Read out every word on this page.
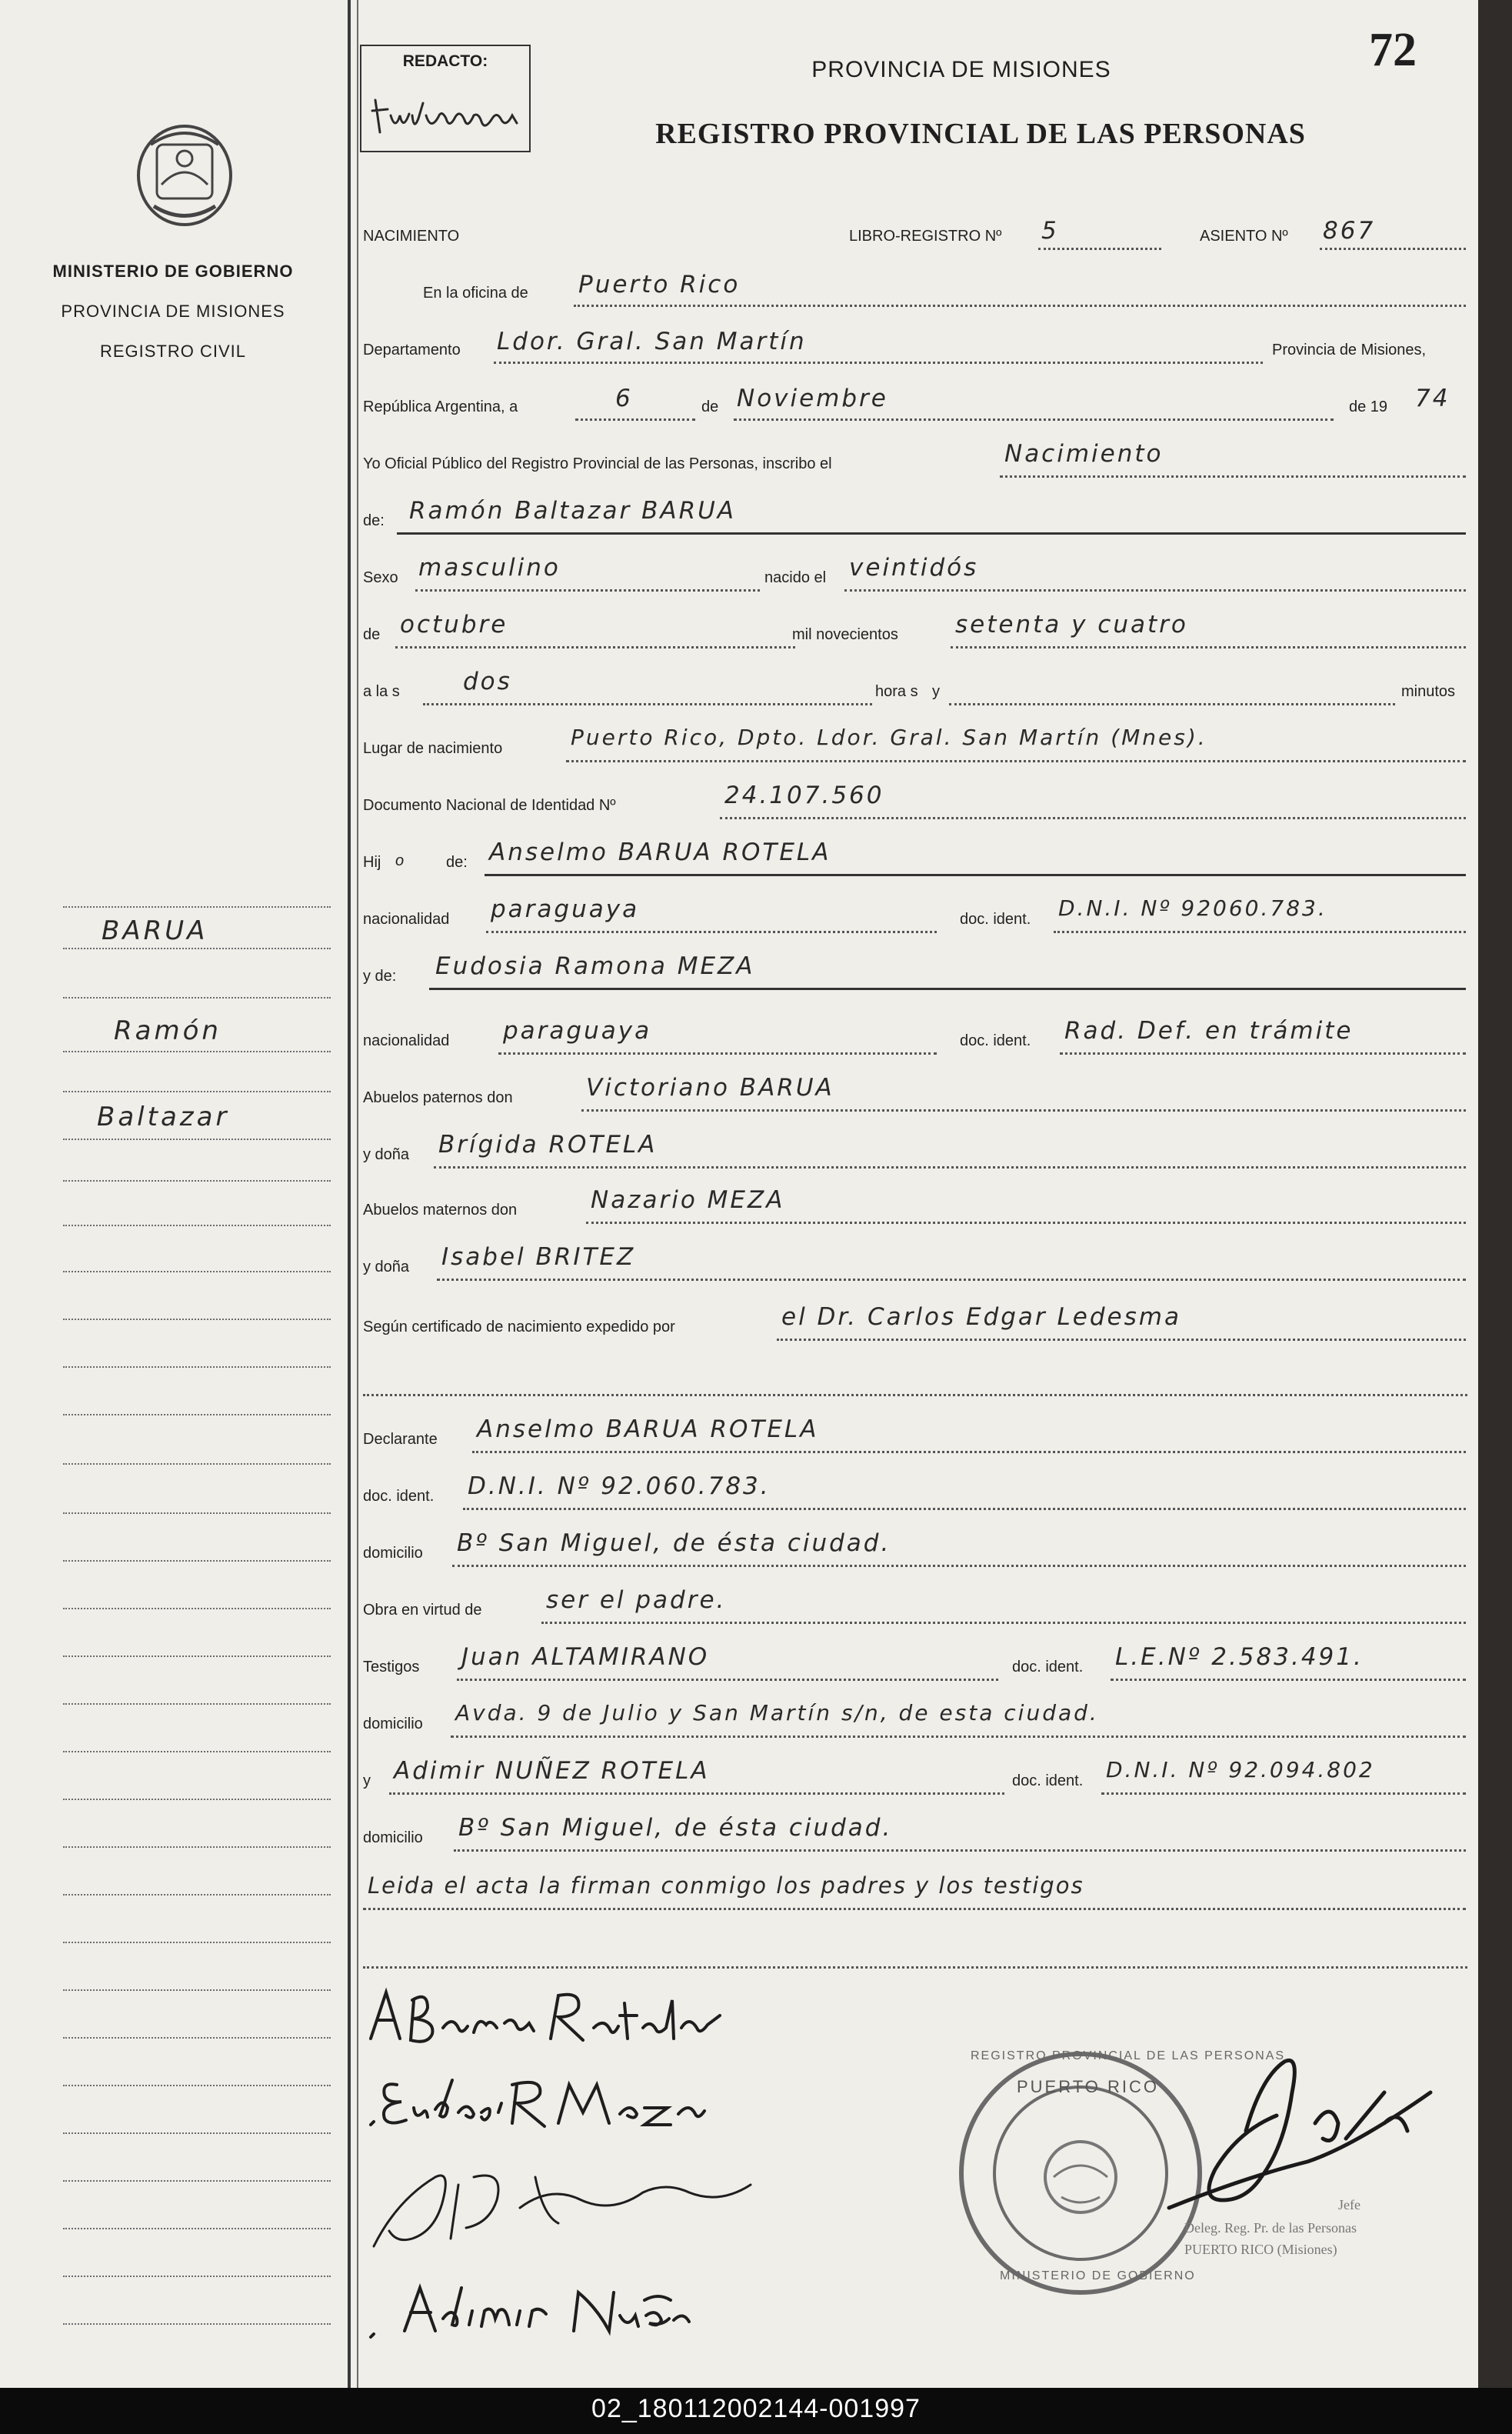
MINISTERIO DE GOBIERNO
PROVINCIA DE MISIONES
REGISTRO CIVIL
BARUA
Ramón
Baltazar
REDACTO:	PROVINCIA DE MISIONES
REGISTRO PROVINCIAL DE LAS PERSONAS
72
NACIMIENTO	LIBRO-REGISTRO Nº 5	ASIENTO Nº 867
En la oficina de Puerto Rico
Departamento Ldor. Gral. San Martín	Provincia de Misiones,
República Argentina, a	6	de Noviembre	de 19 74
Yo Oficial Público del Registro Provincial de las Personas, inscribo el	Nacimiento
de: Ramón Baltazar BARUA
Sexo masculino	nacido el veintidós
de octubre	mil novecientos setenta y cuatro
a la s	dos	hora s y	minutos
Lugar de nacimiento	Puerto Rico, Dpto. Ldor. Gral. San Martín (Mnes).
Documento Nacional de Identidad Nº	24.107.560
Hij o	de: Anselmo BARUA ROTELA
nacionalidad paraguaya	doc. ident. D.N.I. Nº 92060.783.
y de: Eudosia Ramona MEZA
nacionalidad paraguaya	doc. ident. Rad. Def. en trámite
Abuelos paternos don	Victoriano BARUA
y doña Brígida ROTELA
Abuelos maternos don	Nazario MEZA
y doña Isabel BRITEZ
Según certificado de nacimiento expedido por	el Dr. Carlos Edgar Ledesma
Declarante Anselmo BARUA ROTELA
doc. ident. D.N.I. Nº 92.060.783.
domicilio Bº San Miguel, de ésta ciudad.
Obra en virtud de	ser el padre.
Testigos Juan ALTAMIRANO	doc. ident. L.E.Nº 2.583.491.
domicilio Avda. 9 de Julio y San Martín s/n, de esta ciudad.
y Adimir NUÑEZ ROTELA	doc. ident. D.N.I. Nº 92.094.802
domicilio Bº San Miguel, de ésta ciudad.
Leida el acta la firman conmigo los padres y los testigos
PUERTO RICO
REGISTRO PROVINCIAL DE LAS PERSONAS
MINISTERIO DE GOBIERNO
Jefe
Deleg. Reg. Pr. de las Personas
PUERTO RICO (Misiones)
02_180112002144-001997
